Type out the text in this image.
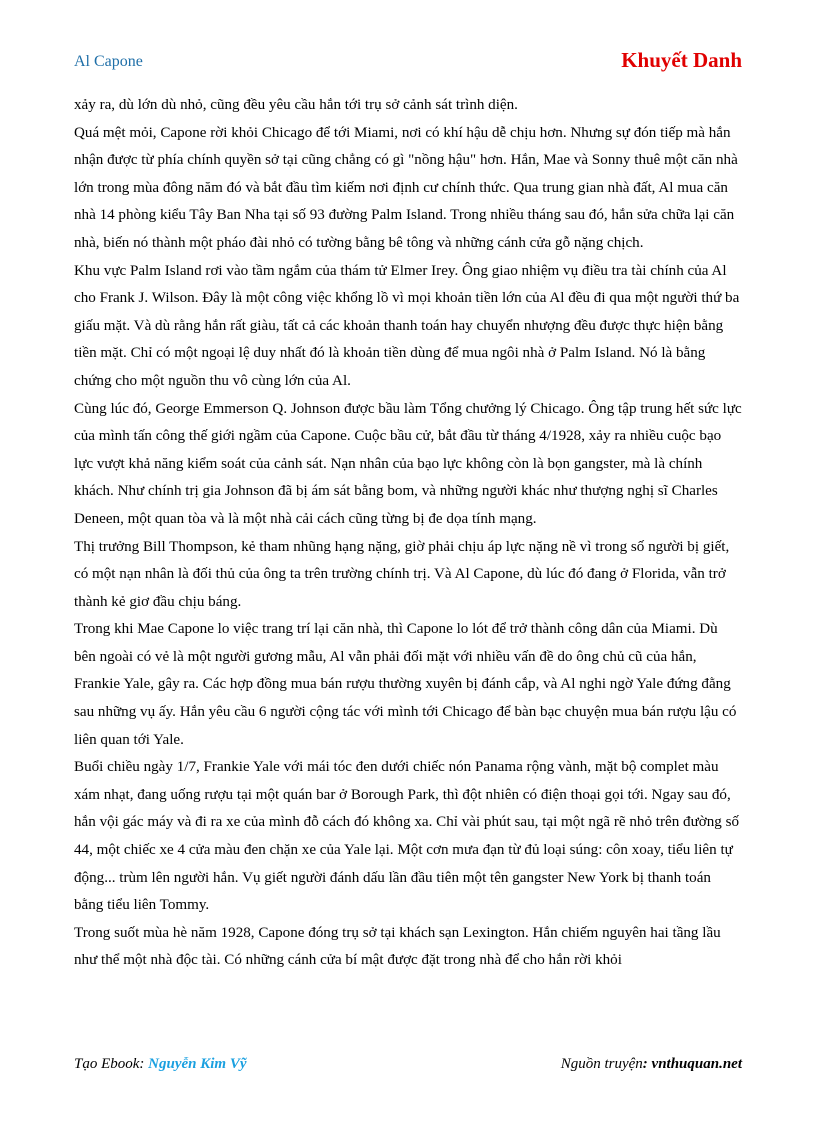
Al Capone	Khuyết Danh

xảy ra, dù lớn dù nhỏ, cũng đều yêu cầu hắn tới trụ sở cảnh sát trình diện.

Quá mệt mỏi, Capone rời khỏi Chicago để tới Miami, nơi có khí hậu dễ chịu hơn. Nhưng sự đón tiếp mà hắn nhận được từ phía chính quyền sở tại cũng chẳng có gì "nồng hậu" hơn. Hắn, Mae và Sonny thuê một căn nhà lớn trong mùa đông năm đó và bắt đầu tìm kiếm nơi định cư chính thức. Qua trung gian nhà đất, Al mua căn nhà 14 phòng kiểu Tây Ban Nha tại số 93 đường Palm Island. Trong nhiều tháng sau đó, hắn sửa chữa lại căn nhà, biến nó thành một pháo đài nhỏ có tường bằng bê tông và những cánh cửa gỗ nặng chịch.

Khu vực Palm Island rơi vào tầm ngắm của thám tử Elmer Irey. Ông giao nhiệm vụ điều tra tài chính của Al cho Frank J. Wilson. Đây là một công việc khổng lồ vì mọi khoản tiền lớn của Al đều đi qua một người thứ ba giấu mặt. Và dù rằng hắn rất giàu, tất cả các khoản thanh toán hay chuyển nhượng đều được thực hiện bằng tiền mặt. Chỉ có một ngoại lệ duy nhất đó là khoản tiền dùng để mua ngôi nhà ở Palm Island. Nó là bằng chứng cho một nguồn thu vô cùng lớn của Al.

Cùng lúc đó, George Emmerson Q. Johnson được bầu làm Tổng chưởng lý Chicago. Ông tập trung hết sức lực của mình tấn công thế giới ngầm của Capone. Cuộc bầu cử, bắt đầu từ tháng 4/1928, xảy ra nhiều cuộc bạo lực vượt khả năng kiểm soát của cảnh sát. Nạn nhân của bạo lực không còn là bọn gangster, mà là chính khách. Như chính trị gia Johnson đã bị ám sát bằng bom, và những người khác như thượng nghị sĩ Charles Deneen, một quan tòa và là một nhà cải cách cũng từng bị đe dọa tính mạng.

Thị trưởng Bill Thompson, kẻ tham nhũng hạng nặng, giờ phải chịu áp lực nặng nề vì trong số người bị giết, có một nạn nhân là đối thủ của ông ta trên trường chính trị. Và Al Capone, dù lúc đó đang ở Florida, vẫn trở thành kẻ giơ đầu chịu báng.

Trong khi Mae Capone lo việc trang trí lại căn nhà, thì Capone lo lót để trở thành công dân của Miami. Dù bên ngoài có vẻ là một người gương mẫu, Al vẫn phải đối mặt với nhiều vấn đề do ông chủ cũ của hắn, Frankie Yale, gây ra. Các hợp đồng mua bán rượu thường xuyên bị đánh cắp, và Al nghi ngờ Yale đứng đằng sau những vụ ấy. Hắn yêu cầu 6 người cộng tác với mình tới Chicago để bàn bạc chuyện mua bán rượu lậu có liên quan tới Yale.

Buổi chiều ngày 1/7, Frankie Yale với mái tóc đen dưới chiếc nón Panama rộng vành, mặt bộ complet màu xám nhạt, đang uống rượu tại một quán bar ở Borough Park, thì đột nhiên có điện thoại gọi tới. Ngay sau đó, hắn vội gác máy và đi ra xe của mình đỗ cách đó không xa. Chỉ vài phút sau, tại một ngã rẽ nhỏ trên đường số 44, một chiếc xe 4 cửa màu đen chặn xe của Yale lại. Một cơn mưa đạn từ đủ loại súng: côn xoay, tiểu liên tự động... trùm lên người hắn. Vụ giết người đánh dấu lần đầu tiên một tên gangster New York bị thanh toán bằng tiểu liên Tommy.

Trong suốt mùa hè năm 1928, Capone đóng trụ sở tại khách sạn Lexington. Hắn chiếm nguyên hai tầng lầu như thể một nhà độc tài. Có những cánh cửa bí mật được đặt trong nhà để cho hắn rời khỏi

Tạo Ebook: Nguyễn Kim Vỹ	Nguồn truyện: vnthuquan.net
